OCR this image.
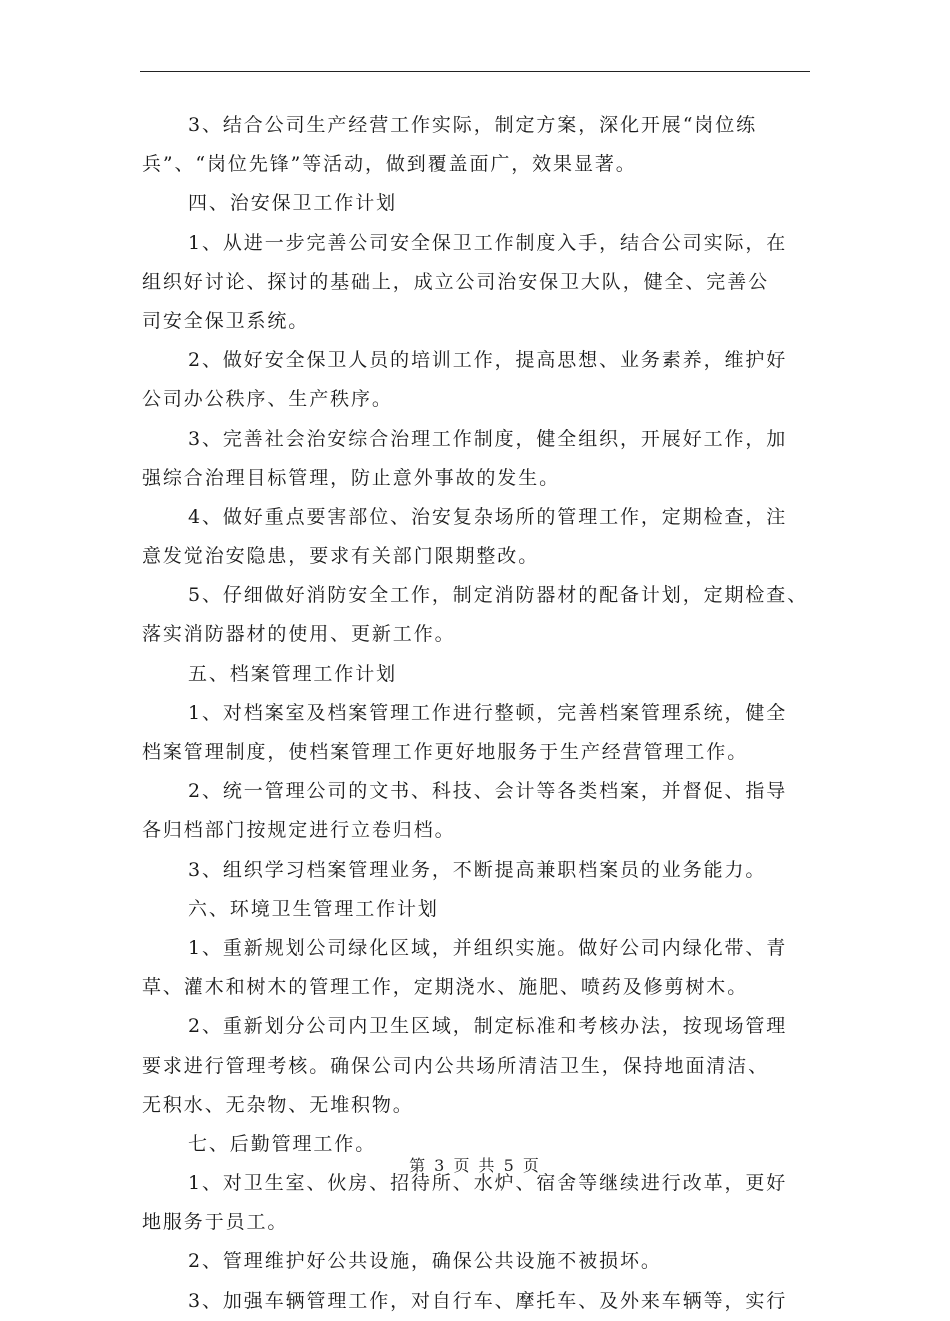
3、结合公司生产经营工作实际，制定方案，深化开展“岗位练
兵”、“岗位先锋”等活动，做到覆盖面广，效果显著。
四、治安保卫工作计划
1、从进一步完善公司安全保卫工作制度入手，结合公司实际，在
组织好讨论、探讨的基础上，成立公司治安保卫大队，健全、完善公
司安全保卫系统。
2、做好安全保卫人员的培训工作，提高思想、业务素养，维护好
公司办公秩序、生产秩序。
3、完善社会治安综合治理工作制度，健全组织，开展好工作，加
强综合治理目标管理，防止意外事故的发生。
4、做好重点要害部位、治安复杂场所的管理工作，定期检查，注
意发觉治安隐患，要求有关部门限期整改。
5、仔细做好消防安全工作，制定消防器材的配备计划，定期检查、
落实消防器材的使用、更新工作。
五、档案管理工作计划
1、对档案室及档案管理工作进行整顿，完善档案管理系统，健全
档案管理制度，使档案管理工作更好地服务于生产经营管理工作。
2、统一管理公司的文书、科技、会计等各类档案，并督促、指导
各归档部门按规定进行立卷归档。
3、组织学习档案管理业务，不断提高兼职档案员的业务能力。
六、环境卫生管理工作计划
1、重新规划公司绿化区域，并组织实施。做好公司内绿化带、青
草、灌木和树木的管理工作，定期浇水、施肥、喷药及修剪树木。
2、重新划分公司内卫生区域，制定标准和考核办法，按现场管理
要求进行管理考核。确保公司内公共场所清洁卫生，保持地面清洁、
无积水、无杂物、无堆积物。
七、后勤管理工作。
1、对卫生室、伙房、招待所、水炉、宿舍等继续进行改革，更好
地服务于员工。
2、管理维护好公共设施，确保公共设施不被损坏。
3、加强车辆管理工作，对自行车、摩托车、及外来车辆等，实行
第 3 页 共 5 页
